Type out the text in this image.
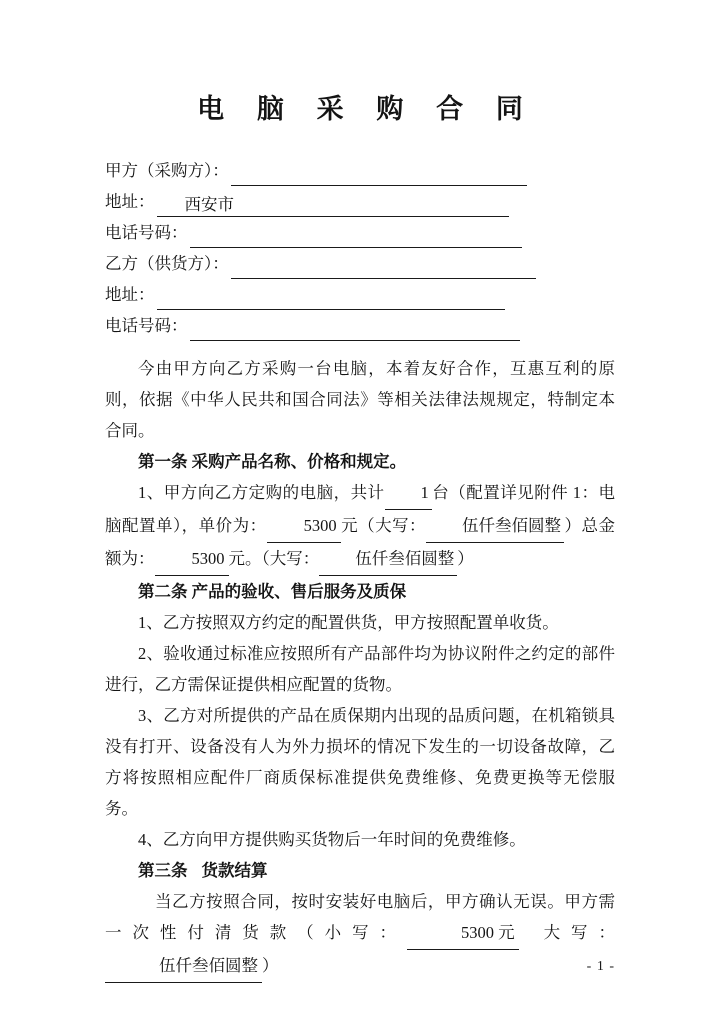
电 脑 采 购 合 同
甲方（采购方）：
地址： 西安市
电话号码：
乙方（供货方）：
地址：
电话号码：

今由甲方向乙方采购一台电脑，本着友好合作，互惠互利的原则，依据《中华人民共和国合同法》等相关法律法规规定，特制定本合同。

第一条 采购产品名称、价格和规定。

1、甲方向乙方定购的电脑，共计 1 台（配置详见附件 1：电脑配置单），单价为： 5300 元（大写： 伍仟叁佰圆整 ）总金额为： 5300 元。（大写： 伍仟叁佰圆整 ）

第二条 产品的验收、售后服务及质保

1、乙方按照双方约定的配置供货，甲方按照配置单收货。

2、验收通过标准应按照所有产品部件均为协议附件之约定的部件进行，乙方需保证提供相应配置的货物。

3、乙方对所提供的产品在质保期内出现的品质问题，在机箱锁具没有打开、设备没有人为外力损坏的情况下发生的一切设备故障，乙方将按照相应配件厂商质保标准提供免费维修、免费更换等无偿服务。

4、乙方向甲方提供购买货物后一年时间的免费维修。

第三条 货款结算

当乙方按照合同，按时安装好电脑后，甲方确认无误。甲方需一次性付清货款（小写：	5300 元 大写：伍仟叁佰圆整 ）	- 1 -
